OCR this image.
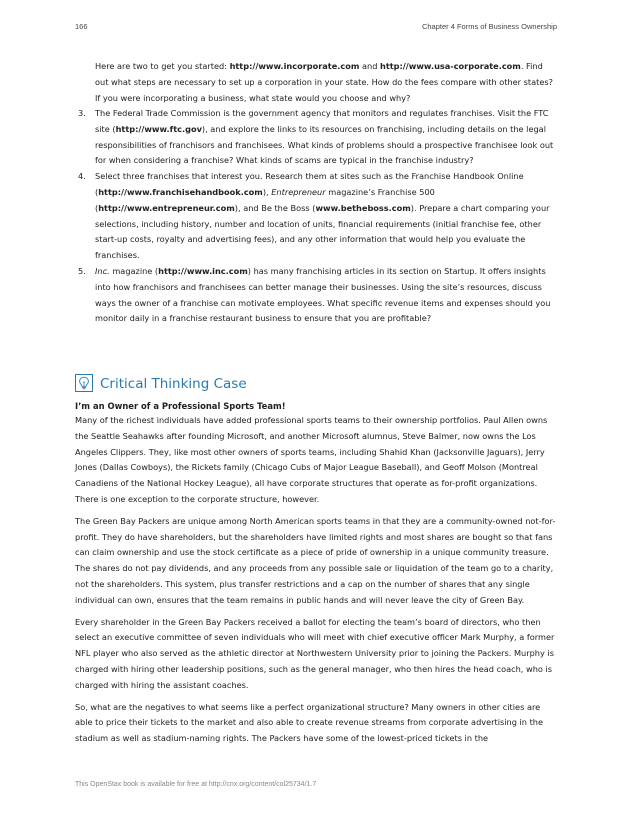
166	Chapter 4 Forms of Business Ownership

Here are two to get you started: http://www.incorporate.com and http://www.usa-corporate.com. Find out what steps are necessary to set up a corporation in your state. How do the fees compare with other states? If you were incorporating a business, what state would you choose and why?

3. The Federal Trade Commission is the government agency that monitors and regulates franchises. Visit the FTC site (http://www.ftc.gov), and explore the links to its resources on franchising, including details on the legal responsibilities of franchisors and franchisees. What kinds of problems should a prospective franchisee look out for when considering a franchise? What kinds of scams are typical in the franchise industry?
4. Select three franchises that interest you. Research them at sites such as the Franchise Handbook Online (http://www.franchisehandbook.com), Entrepreneur magazine’s Franchise 500 (http://www.entrepreneur.com), and Be the Boss (www.betheboss.com). Prepare a chart comparing your selections, including history, number and location of units, financial requirements (initial franchise fee, other start-up costs, royalty and advertising fees), and any other information that would help you evaluate the franchises.
5. Inc. magazine (http://www.inc.com) has many franchising articles in its section on Startup. It offers insights into how franchisors and franchisees can better manage their businesses. Using the site’s resources, discuss ways the owner of a franchise can motivate employees. What specific revenue items and expenses should you monitor daily in a franchise restaurant business to ensure that you are profitable?
Critical Thinking Case
I’m an Owner of a Professional Sports Team!

Many of the richest individuals have added professional sports teams to their ownership portfolios. Paul Allen owns the Seattle Seahawks after founding Microsoft, and another Microsoft alumnus, Steve Balmer, now owns the Los Angeles Clippers. They, like most other owners of sports teams, including Shahid Khan (Jacksonville Jaguars), Jerry Jones (Dallas Cowboys), the Rickets family (Chicago Cubs of Major League Baseball), and Geoff Molson (Montreal Canadiens of the National Hockey League), all have corporate structures that operate as for-profit organizations. There is one exception to the corporate structure, however.

The Green Bay Packers are unique among North American sports teams in that they are a community-owned not-for-profit. They do have shareholders, but the shareholders have limited rights and most shares are bought so that fans can claim ownership and use the stock certificate as a piece of pride of ownership in a unique community treasure. The shares do not pay dividends, and any proceeds from any possible sale or liquidation of the team go to a charity, not the shareholders. This system, plus transfer restrictions and a cap on the number of shares that any single individual can own, ensures that the team remains in public hands and will never leave the city of Green Bay.

Every shareholder in the Green Bay Packers received a ballot for electing the team’s board of directors, who then select an executive committee of seven individuals who will meet with chief executive officer Mark Murphy, a former NFL player who also served as the athletic director at Northwestern University prior to joining the Packers. Murphy is charged with hiring other leadership positions, such as the general manager, who then hires the head coach, who is charged with hiring the assistant coaches.

So, what are the negatives to what seems like a perfect organizational structure? Many owners in other cities are able to price their tickets to the market and also able to create revenue streams from corporate advertising in the stadium as well as stadium-naming rights. The Packers have some of the lowest-priced tickets in the

This OpenStax book is available for free at http://cnx.org/content/col25734/1.7
